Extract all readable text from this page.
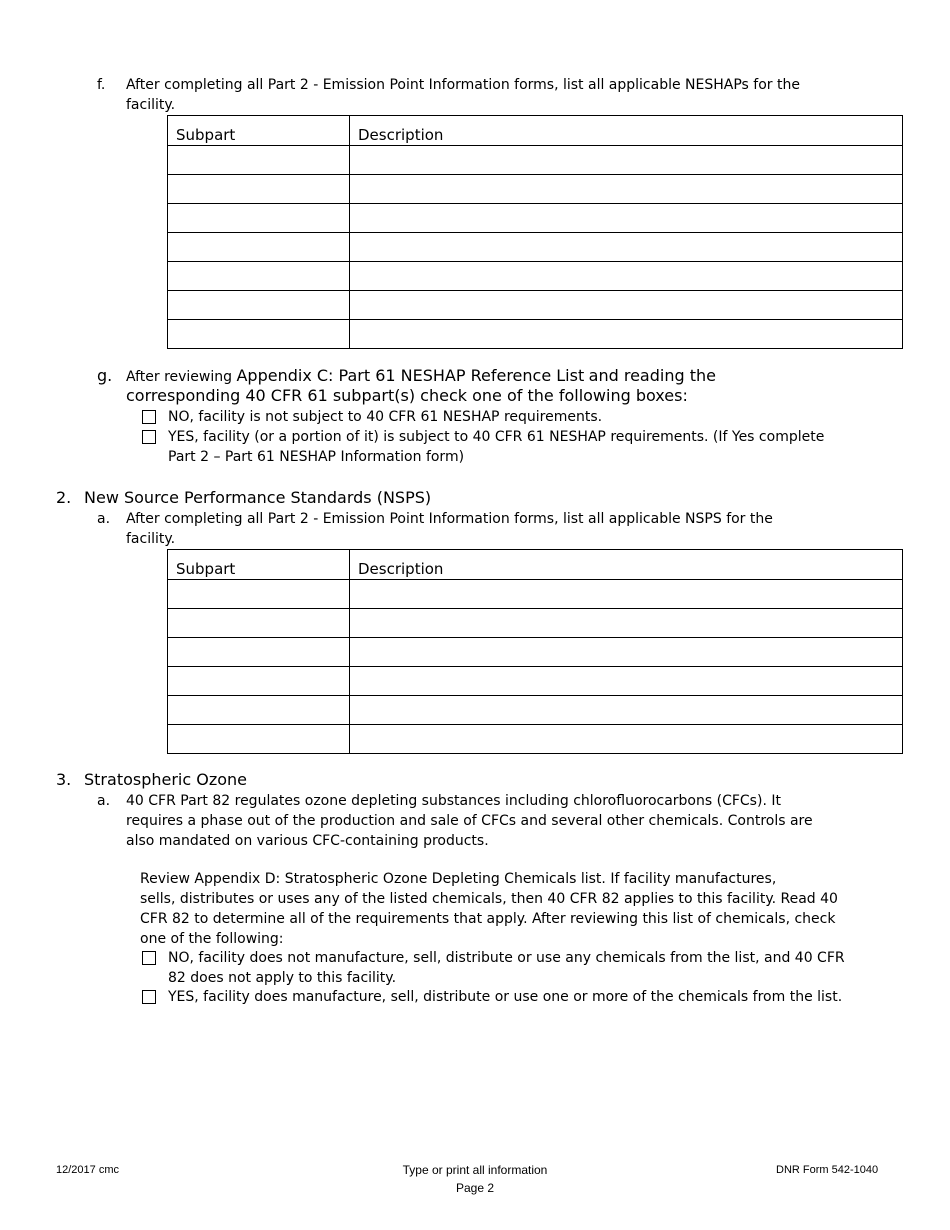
f. After completing all Part 2 - Emission Point Information forms, list all applicable NESHAPs for the
facility.
Subpart	Description

g. After reviewing Appendix C: Part 61 NESHAP Reference List and reading the
corresponding 40 CFR 61 subpart(s) check one of the following boxes:
NO, facility is not subject to 40 CFR 61 NESHAP requirements.
YES, facility (or a portion of it) is subject to 40 CFR 61 NESHAP requirements. (If Yes complete
Part 2 – Part 61 NESHAP Information form)
2. New Source Performance Standards (NSPS)
a. After completing all Part 2 - Emission Point Information forms, list all applicable NSPS for the
facility.
Subpart	Description

3. Stratospheric Ozone
a. 40 CFR Part 82 regulates ozone depleting substances including chlorofluorocarbons (CFCs). It
requires a phase out of the production and sale of CFCs and several other chemicals. Controls are
also mandated on various CFC-containing products.
Review Appendix D: Stratospheric Ozone Depleting Chemicals list. If facility manufactures,
sells, distributes or uses any of the listed chemicals, then 40 CFR 82 applies to this facility. Read 40
CFR 82 to determine all of the requirements that apply. After reviewing this list of chemicals, check
one of the following:
NO, facility does not manufacture, sell, distribute or use any chemicals from the list, and 40 CFR
82 does not apply to this facility.
YES, facility does manufacture, sell, distribute or use one or more of the chemicals from the list.
12/2017 cmc	Type or print all information
Page 2
DNR Form 542-1040
